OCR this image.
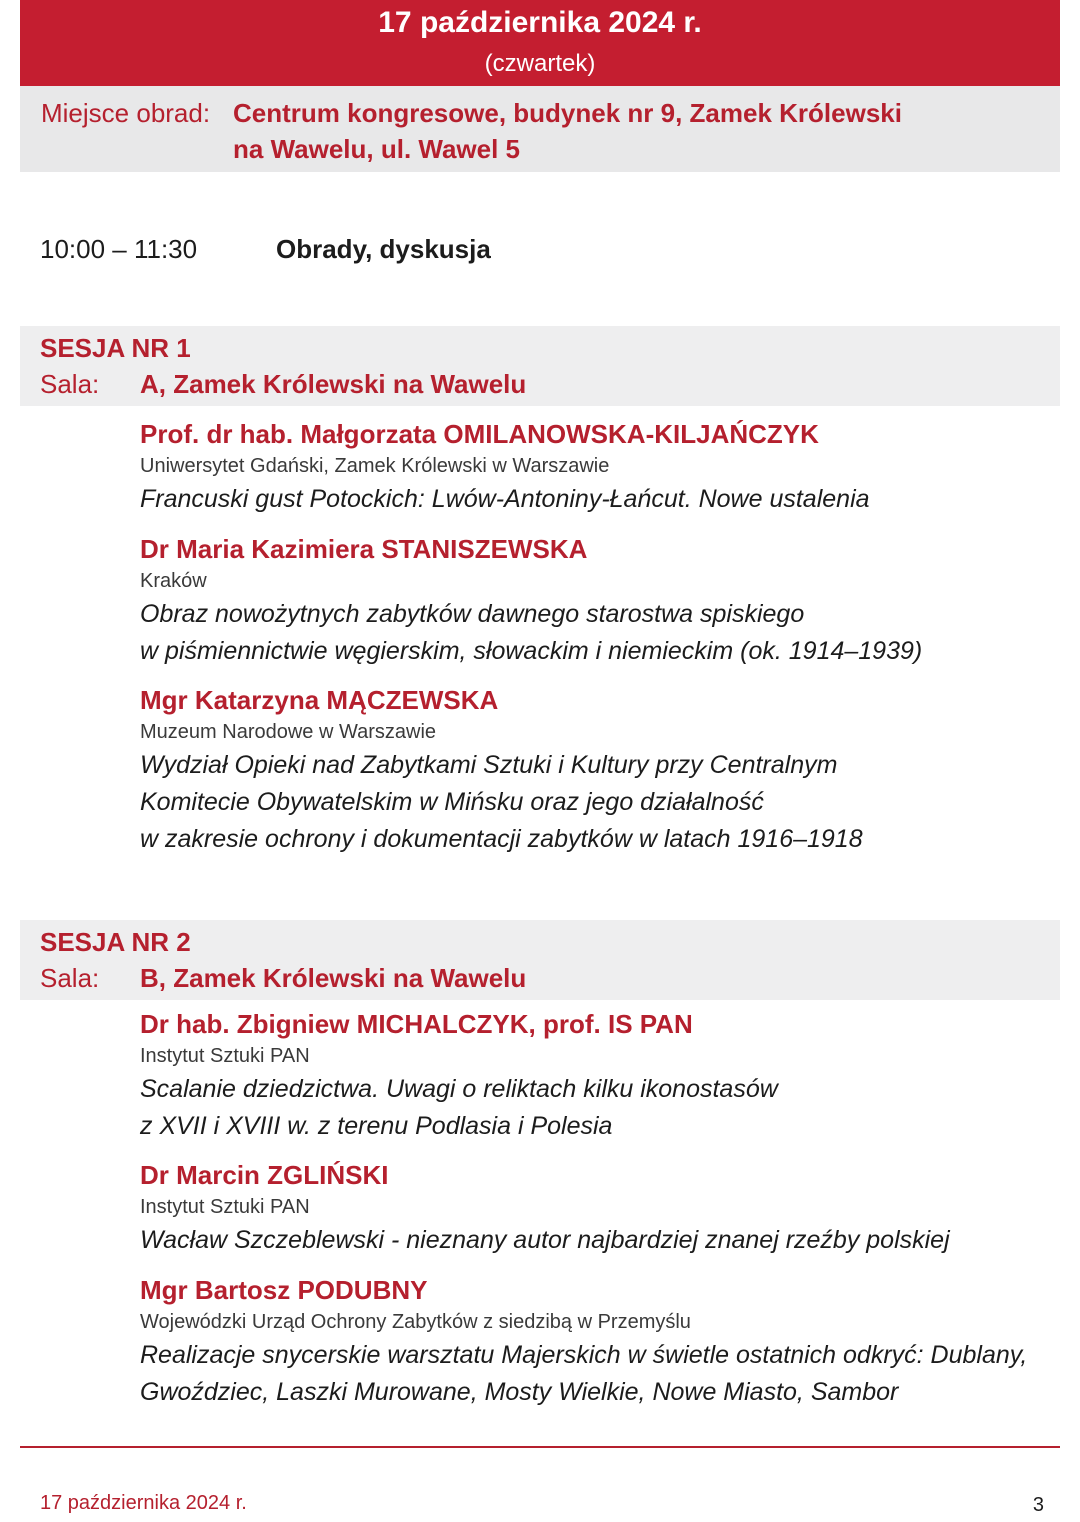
17 października 2024 r.
(czwartek)
Miejsce obrad: Centrum kongresowe, budynek nr 9, Zamek Królewski
na Wawelu, ul. Wawel 5
10:00 – 11:30	Obrady, dyskusja
SESJA NR 1
Sala: A, Zamek Królewski na Wawelu
Prof. dr hab. Małgorzata OMILANOWSKA-KILJAŃCZYK
Uniwersytet Gdański, Zamek Królewski w Warszawie
Francuski gust Potockich: Lwów-Antoniny-Łańcut. Nowe ustalenia
Dr Maria Kazimiera STANISZEWSKA
Kraków
Obraz nowożytnych zabytków dawnego starostwa spiskiego
w piśmiennictwie węgierskim, słowackim i niemieckim (ok. 1914–1939)
Mgr Katarzyna MĄCZEWSKA
Muzeum Narodowe w Warszawie
Wydział Opieki nad Zabytkami Sztuki i Kultury przy Centralnym
Komitecie Obywatelskim w Mińsku oraz jego działalność
w zakresie ochrony i dokumentacji zabytków w latach 1916–1918
SESJA NR 2
Sala: B, Zamek Królewski na Wawelu
Dr hab. Zbigniew MICHALCZYK, prof. IS PAN
Instytut Sztuki PAN
Scalanie dziedzictwa. Uwagi o reliktach kilku ikonostasów
z XVII i XVIII w. z terenu Podlasia i Polesia
Dr Marcin ZGLIŃSKI
Instytut Sztuki PAN
Wacław Szczeblewski - nieznany autor najbardziej znanej rzeźby polskiej
Mgr Bartosz PODUBNY
Wojewódzki Urząd Ochrony Zabytków z siedzibą w Przemyślu
Realizacje snycerskie warsztatu Majerskich w świetle ostatnich odkryć: Dublany,
Gwoździec, Laszki Murowane, Mosty Wielkie, Nowe Miasto, Sambor
17 października 2024 r.	3
